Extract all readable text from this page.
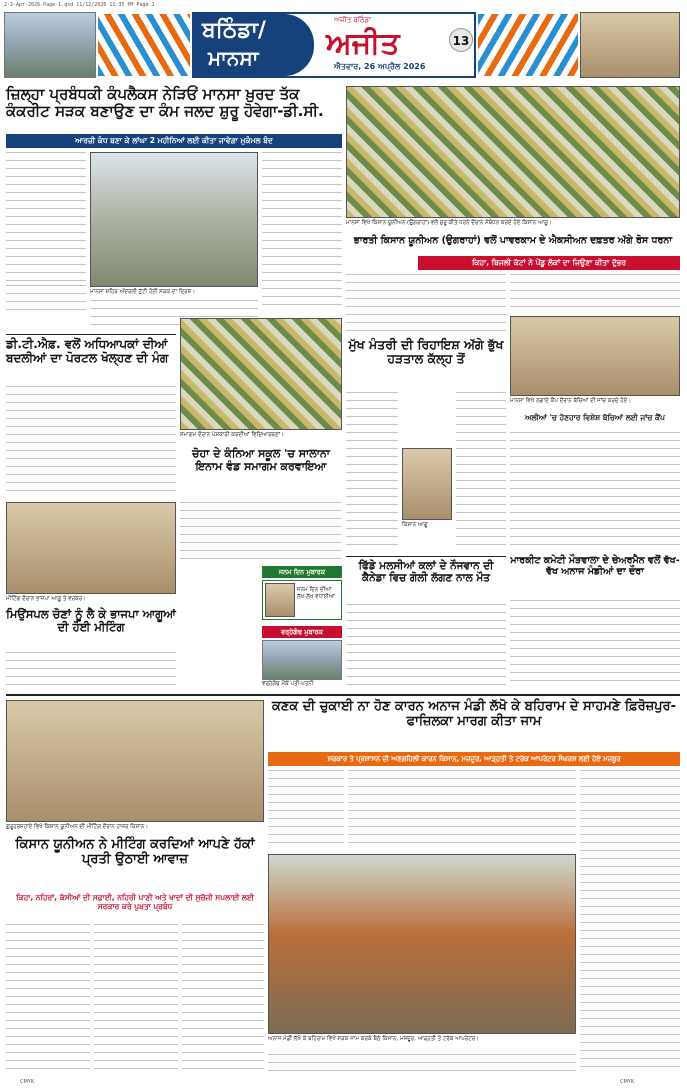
2-2-Apr-2026-Page-1.qxd 11/12/2026 11:35 PM Page 1
ਬਠਿੰਡਾ/
ਮਾਨਸਾ
ਅਜੀਤ ਬਠਿੰਡਾ
ਅਜੀਤ
ਐਤਵਾਰ, 26 ਅਪ੍ਰੈਲ 2026
13
ਜ਼ਿਲ੍ਹਾ ਪ੍ਰਬੰਧਕੀ ਕੰਪਲੈਕਸ ਨੇੜਿਓਂ ਮਾਨਸਾ ਖ਼ੁਰਦ ਤੱਕ ਕੰਕਰੀਟ ਸੜਕ ਬਣਾਉਣ ਦਾ ਕੰਮ ਜਲਦ ਸ਼ੁਰੂ ਹੋਵੇਗਾ-ਡੀ.ਸੀ.
ਆਰਜ਼ੀ ਕੰਧ ਬਣਾ ਕੇ ਲਾਂਘਾ 2 ਮਹੀਨਿਆਂ ਲਈ ਕੀਤਾ ਜਾਵੇਗਾ ਮੁਕੰਮਲ ਬੰਦ
ਮਾਨਸਾ ਸ਼ਹਿਰ ਅੰਦਰਲੀ ਟੁੱਟੀ ਹੋਈ ਸੜਕ ਦਾ ਦ੍ਰਿਸ਼।
ਡੀ.ਟੀ.ਐਫ਼. ਵਲੋਂ ਅਧਿਆਪਕਾਂ ਦੀਆਂ ਬਦਲੀਆਂ ਦਾ ਪੋਰਟਲ ਖੋਲ੍ਹਣ ਦੀ ਮੰਗ
ਸਮਾਗਮ ਦੌਰਾਨ ਪੇਸ਼ਕਾਰੀ ਕਰਦੀਆਂ ਵਿਦਿਆਰਥਣਾਂ।
ਚੋਹਾ ਦੇ ਕੰਨਿਆ ਸਕੂਲ 'ਚ ਸਾਲਾਨਾ ਇਨਾਮ ਵੰਡ ਸਮਾਗਮ ਕਰਵਾਇਆ
ਮੀਟਿੰਗ ਦੌਰਾਨ ਭਾਜਪਾ ਆਗੂ ਤੇ ਵਰਕਰ।
ਮਿਉਂਸਪਲ ਚੋਣਾਂ ਨੂੰ ਲੈ ਕੇ ਭਾਜਪਾ ਆਗੂਆਂ ਦੀ ਹੋਈ ਮੀਟਿੰਗ
ਜਨਮ ਦਿਨ ਮੁਬਾਰਕ
ਜਨਮ ਦਿਨ ਦੀਆਂ ਲੱਖ-ਲੱਖ ਵਧਾਈਆਂ
ਵਰ੍ਹੇਗੰਢ ਮੁਬਾਰਕ
ਵਰ੍ਹੇਗੰਢ ਮੌਕੇ ਪਤੀ-ਪਤਨੀ
ਮਾਨਸਾ ਵਿਖੇ ਕਿਸਾਨ ਯੂਨੀਅਨ (ਉਗਰਾਹਾਂ) ਵਲੋਂ ਸ਼ੁਰੂ ਕੀਤੇ ਧਰਨੇ ਦੌਰਾਨ ਸੰਬੋਧਨ ਕਰਦੇ ਹੋਏ ਕਿਸਾਨ ਆਗੂ।
ਭਾਰਤੀ ਕਿਸਾਨ ਯੂਨੀਅਨ (ਉਗਰਾਹਾਂ) ਵਲੋਂ ਪਾਵਰਕਾਮ ਦੇ ਐਕਸੀਅਨ ਦਫ਼ਤਰ ਅੱਗੇ ਰੋਸ ਧਰਨਾ
ਕਿਹਾ, ਬਿਜਲੀ ਕੱਟਾਂ ਨੇ ਪੇਂਡੂ ਲੋਕਾਂ ਦਾ ਜਿਊਣਾ ਕੀਤਾ ਦੁੱਭਰ
ਮੁੱਖ ਮੰਤਰੀ ਦੀ ਰਿਹਾਇਸ਼ ਅੱਗੇ ਭੁੱਖ ਹੜਤਾਲ ਕੱਲ੍ਹ ਤੋਂ
ਕਿਸਾਨ ਆਗੂ
ਮਾਨਸਾ ਵਿਖੇ ਲਗਾਏ ਕੈਂਪ ਦੌਰਾਨ ਬੱਚਿਆਂ ਦੀ ਜਾਂਚ ਕਰਦੇ ਹੋਏ।
ਅਲੀਆਂ 'ਚ ਹੋਣਹਾਰ ਵਿਸ਼ੇਸ਼ ਬੱਚਿਆਂ ਲਈ ਜਾਂਚ ਕੈਂਪ
ਫਿੱਡੇ ਮਲਸੀਆਂ ਕਲਾਂ ਦੇ ਨੌਜਵਾਨ ਦੀ ਕੈਨੇਡਾ ਵਿਚ ਗੋਲੀ ਲੱਗਣ ਨਾਲ ਮੌਤ
ਮਾਰਕੀਟ ਕਮੇਟੀ ਮੌੜਵਾਲਾ ਦੇ ਚੇਅਰਮੈਨ ਵਲੋਂ ਵੱਖ-ਵੱਖ ਅਨਾਜ ਮੰਡੀਆਂ ਦਾ ਦੌਰਾ
ਕਣਕ ਦੀ ਚੁਕਾਈ ਨਾ ਹੋਣ ਕਾਰਨ ਅਨਾਜ ਮੰਡੀ ਲੱਖੋ ਕੇ ਬਹਿਰਾਮ ਦੇ ਸਾਹਮਣੇ ਫ਼ਿਰੋਜ਼ਪੁਰ-ਫਾਜ਼ਿਲਕਾ ਮਾਰਗ ਕੀਤਾ ਜਾਮ
ਸਰਕਾਰ ਤੇ ਪ੍ਰਸ਼ਾਸਨ ਦੀ ਅਣਗਹਿਲੀ ਕਾਰਨ ਕਿਸਾਨ, ਮਜ਼ਦੂਰ, ਆੜ੍ਹਤੀ ਤੇ ਟਰੱਕ ਆਪਰੇਟਰ ਸੰਘਰਸ਼ ਲਈ ਹੋਏ ਮਜ਼ਬੂਰ
ਅਨਾਜ ਮੰਡੀ ਲੱਖੋ ਕੇ ਬਹਿਰਾਮ ਵਿਖੇ ਸੜਕ ਜਾਮ ਕਰਕੇ ਬੈਠੇ ਕਿਸਾਨ, ਮਜ਼ਦੂਰ, ਆੜ੍ਹਤੀ ਤੇ ਟਰੱਕ ਆਪਰੇਟਰ।
ਗੁਰੂਹਰਸਹਾਏ ਵਿਖੇ ਕਿਸਾਨ ਯੂਨੀਅਨ ਦੀ ਮੀਟਿੰਗ ਦੌਰਾਨ ਹਾਜ਼ਰ ਕਿਸਾਨ।
ਕਿਸਾਨ ਯੂਨੀਅਨ ਨੇ ਮੀਟਿੰਗ ਕਰਦਿਆਂ ਆਪਣੇ ਹੱਕਾਂ ਪ੍ਰਤੀ ਉਠਾਈ ਆਵਾਜ਼
ਕਿਹਾ, ਨਹਿਰਾਂ, ਕੱਸੀਆਂ ਦੀ ਸਫ਼ਾਈ, ਨਹਿਰੀ ਪਾਣੀ ਅਤੇ ਖਾਦਾਂ ਦੀ ਸੁਚੱਜੀ ਸਪਲਾਈ ਲਈ ਸਰਕਾਰ ਕਰੇ ਪੁਖ਼ਤਾ ਪ੍ਰਬੰਧ
CMYK	CMYK
